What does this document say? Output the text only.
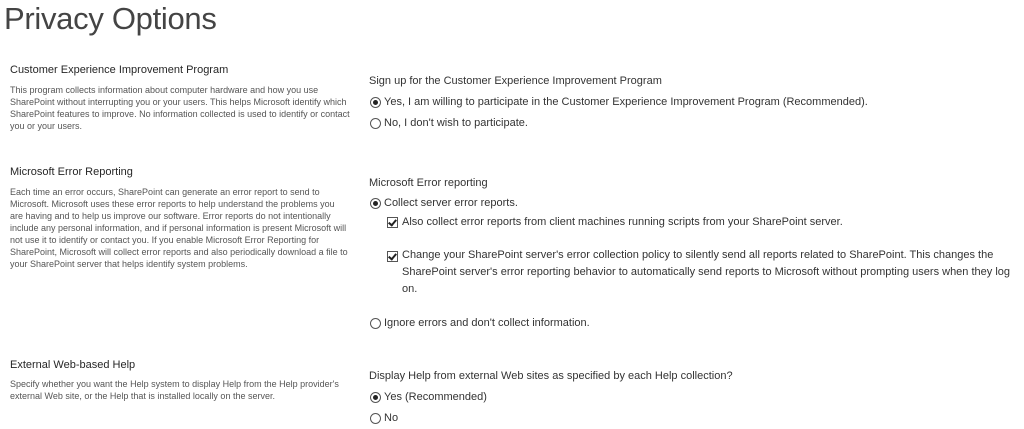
Privacy Options
Customer Experience Improvement Program
This program collects information about computer hardware and how you use SharePoint without interrupting you or your users. This helps Microsoft identify which SharePoint features to improve. No information collected is used to identify or contact you or your users.
Sign up for the Customer Experience Improvement Program
Yes, I am willing to participate in the Customer Experience Improvement Program (Recommended).
No, I don't wish to participate.
Microsoft Error Reporting
Each time an error occurs, SharePoint can generate an error report to send to Microsoft. Microsoft uses these error reports to help understand the problems you are having and to help us improve our software. Error reports do not intentionally include any personal information, and if personal information is present Microsoft will not use it to identify or contact you. If you enable Microsoft Error Reporting for SharePoint, Microsoft will collect error reports and also periodically download a file to your SharePoint server that helps identify system problems.
Microsoft Error reporting
Collect server error reports.
Also collect error reports from client machines running scripts from your SharePoint server.
Change your SharePoint server's error collection policy to silently send all reports related to SharePoint. This changes the SharePoint server's error reporting behavior to automatically send reports to Microsoft without prompting users when they log on.
Ignore errors and don't collect information.
External Web-based Help
Specify whether you want the Help system to display Help from the Help provider's external Web site, or the Help that is installed locally on the server.
Display Help from external Web sites as specified by each Help collection?
Yes (Recommended)
No
